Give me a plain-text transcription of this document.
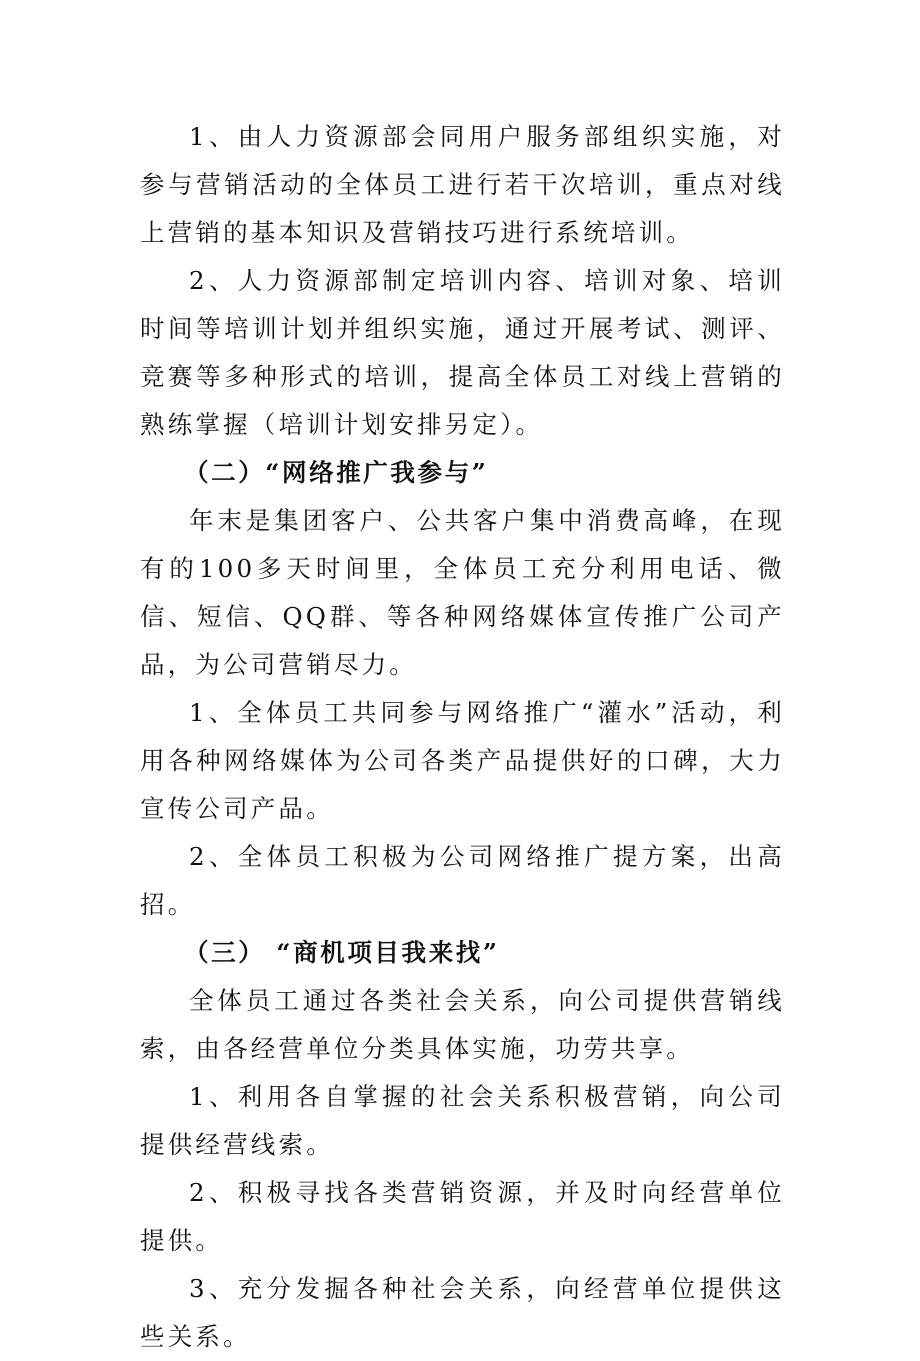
1、由人力资源部会同用户服务部组织实施，对参与营销活动的全体员工进行若干次培训，重点对线上营销的基本知识及营销技巧进行系统培训。

2、人力资源部制定培训内容、培训对象、培训时间等培训计划并组织实施，通过开展考试、测评、竞赛等多种形式的培训，提高全体员工对线上营销的熟练掌握（培训计划安排另定）。

（二）“网络推广我参与”

年末是集团客户、公共客户集中消费高峰，在现有的100多天时间里，全体员工充分利用电话、微信、短信、QQ群、等各种网络媒体宣传推广公司产品，为公司营销尽力。

1、全体员工共同参与网络推广“灌水”活动，利用各种网络媒体为公司各类产品提供好的口碑，大力宣传公司产品。

2、全体员工积极为公司网络推广提方案，出高招。

（三） “商机项目我来找”

全体员工通过各类社会关系，向公司提供营销线索，由各经营单位分类具体实施，功劳共享。

1、利用各自掌握的社会关系积极营销，向公司提供经营线索。

2、积极寻找各类营销资源，并及时向经营单位提供。

3、充分发掘各种社会关系，向经营单位提供这些关系。
